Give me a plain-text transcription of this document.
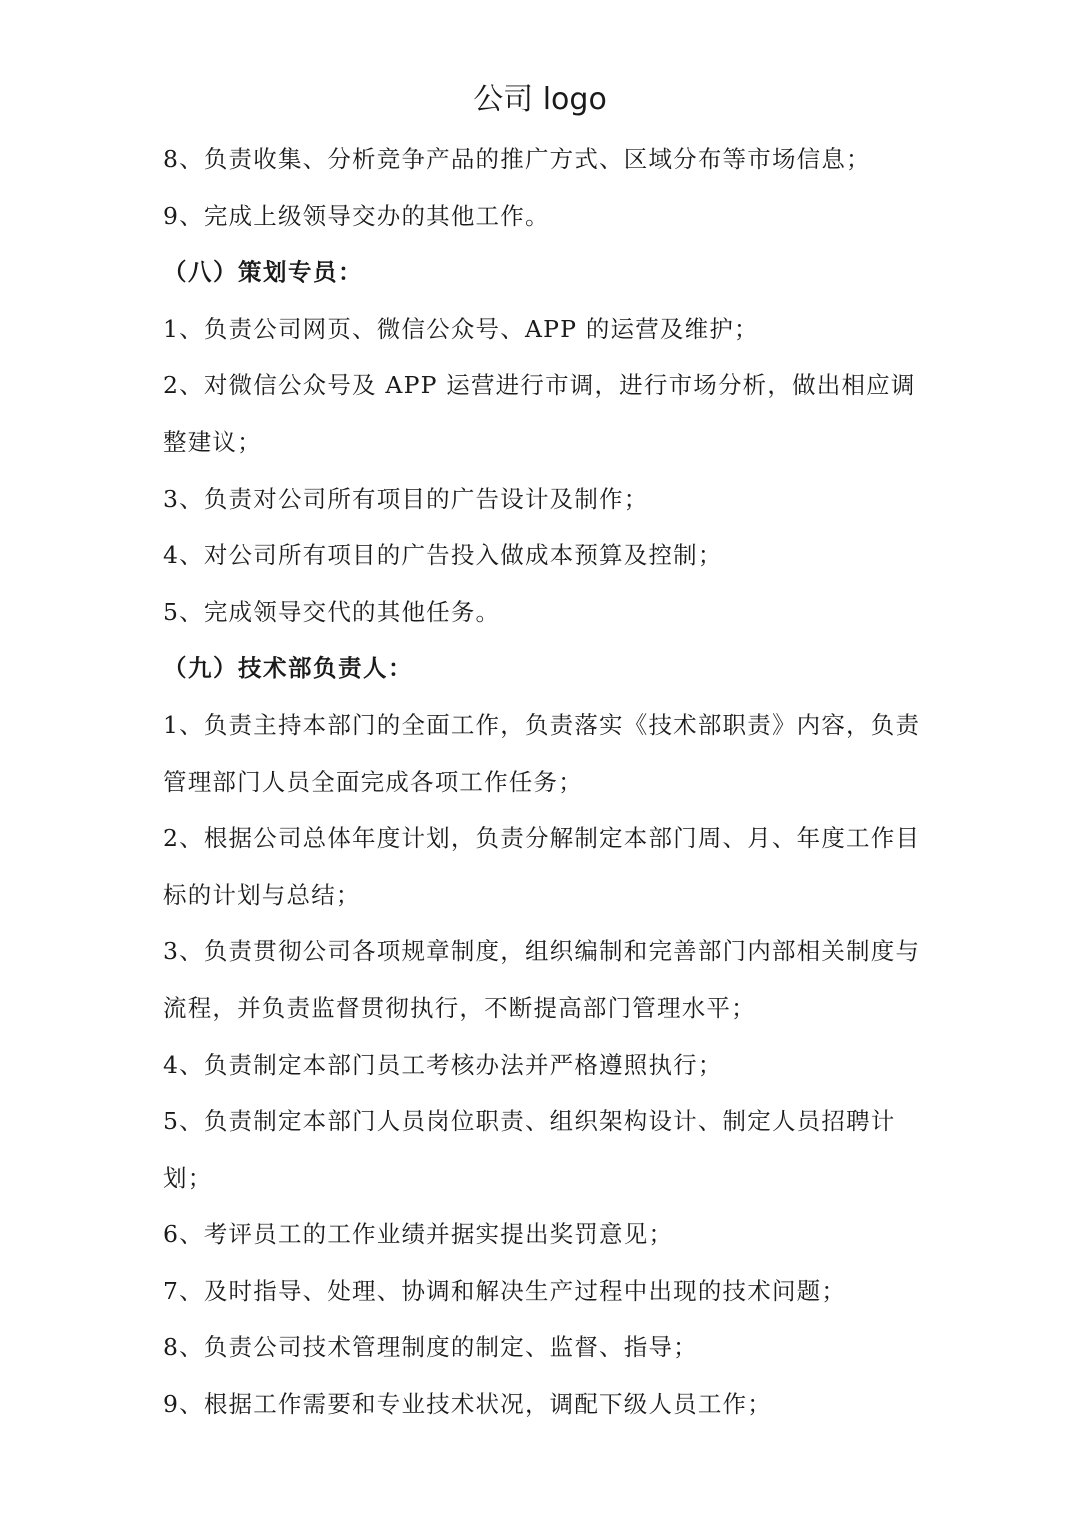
公司 logo

8、负责收集、分析竞争产品的推广方式、区域分布等市场信息；

9、完成上级领导交办的其他工作。

（八）策划专员：

1、负责公司网页、微信公众号、APP 的运营及维护；

2、对微信公众号及 APP 运营进行市调，进行市场分析，做出相应调整建议；

3、负责对公司所有项目的广告设计及制作；

4、对公司所有项目的广告投入做成本预算及控制；

5、完成领导交代的其他任务。

（九）技术部负责人：

1、负责主持本部门的全面工作，负责落实《技术部职责》内容，负责管理部门人员全面完成各项工作任务；

2、根据公司总体年度计划，负责分解制定本部门周、月、年度工作目标的计划与总结；

3、负责贯彻公司各项规章制度，组织编制和完善部门内部相关制度与流程，并负责监督贯彻执行，不断提高部门管理水平；

4、负责制定本部门员工考核办法并严格遵照执行；

5、负责制定本部门人员岗位职责、组织架构设计、制定人员招聘计划；

6、考评员工的工作业绩并据实提出奖罚意见；

7、及时指导、处理、协调和解决生产过程中出现的技术问题；

8、负责公司技术管理制度的制定、监督、指导；

9、根据工作需要和专业技术状况，调配下级人员工作；
